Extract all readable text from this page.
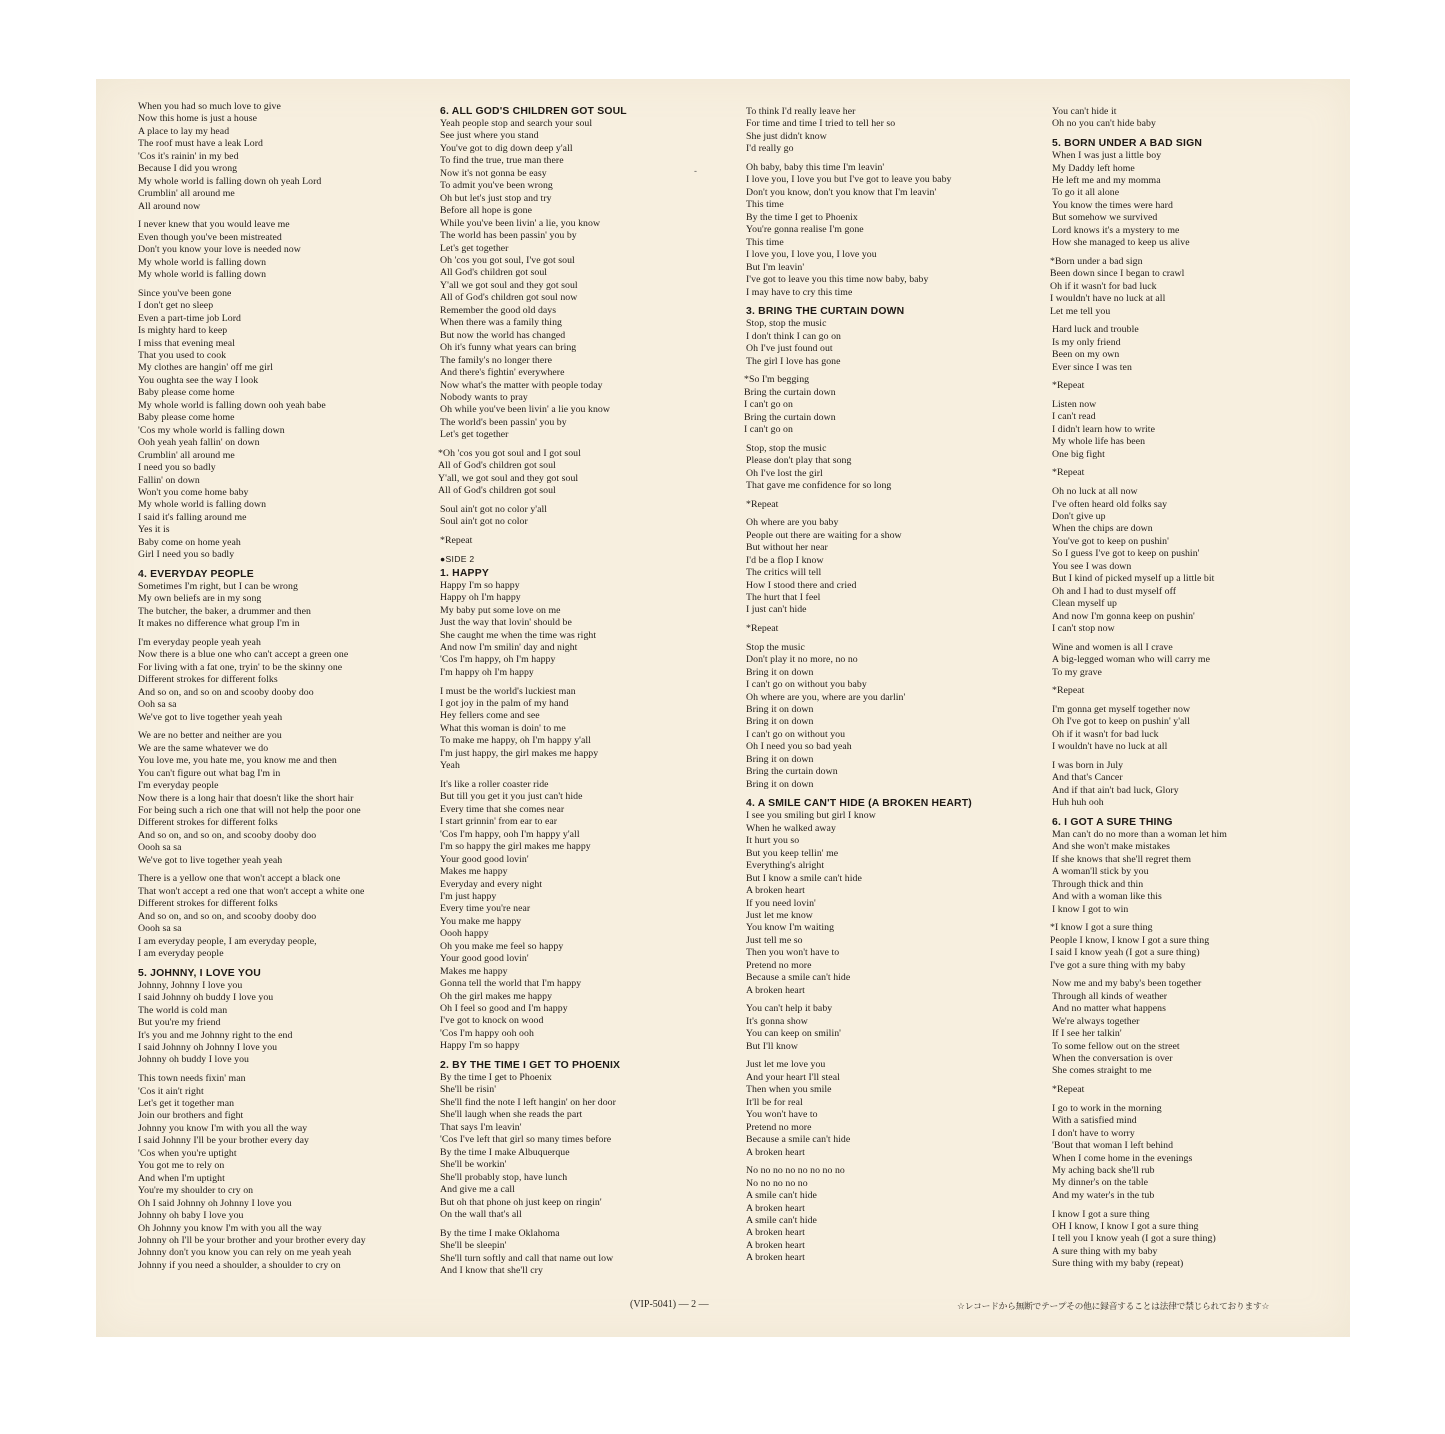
When you had so much love to give
Now this home is just a house
A place to lay my head
The roof must have a leak Lord
'Cos it's rainin' in my bed
Because I did you wrong
My whole world is falling down oh yeah Lord
Crumblin' all around me
All around now
I never knew that you would leave me
Even though you've been mistreated
Don't you know your love is needed now
My whole world is falling down
My whole world is falling down
Since you've been gone
I don't get no sleep
Even a part-time job Lord
Is mighty hard to keep
I miss that evening meal
That you used to cook
My clothes are hangin' off me girl
You oughta see the way I look
Baby please come home
My whole world is falling down ooh yeah babe
Baby please come home
'Cos my whole world is falling down
Ooh yeah yeah fallin' on down
Crumblin' all around me
I need you so badly
Fallin' on down
Won't you come home baby
My whole world is falling down
I said it's falling around me
Yes it is
Baby come on home yeah
Girl I need you so badly
4. EVERYDAY PEOPLE
Sometimes I'm right, but I can be wrong
My own beliefs are in my song
The butcher, the baker, a drummer and then
It makes no difference what group I'm in
I'm everyday people yeah yeah
Now there is a blue one who can't accept a green one
For living with a fat one, tryin' to be the skinny one
Different strokes for different folks
And so on, and so on and scooby dooby doo
Ooh sa sa
We've got to live together yeah yeah
We are no better and neither are you
We are the same whatever we do
You love me, you hate me, you know me and then
You can't figure out what bag I'm in
I'm everyday people
Now there is a long hair that doesn't like the short hair
For being such a rich one that will not help the poor one
Different strokes for different folks
And so on, and so on, and scooby dooby doo
Oooh sa sa
We've got to live together yeah yeah
There is a yellow one that won't accept a black one
That won't accept a red one that won't accept a white one
Different strokes for different folks
And so on, and so on, and scooby dooby doo
Oooh sa sa
I am everyday people, I am everyday people,
I am everyday people
5. JOHNNY, I LOVE YOU
Johnny, Johnny I love you
I said Johnny oh buddy I love you
The world is cold man
But you're my friend
It's you and me Johnny right to the end
I said Johnny oh Johnny I love you
Johnny oh buddy I love you
This town needs fixin' man
'Cos it ain't right
Let's get it together man
Join our brothers and fight
Johnny you know I'm with you all the way
I said Johnny I'll be your brother every day
'Cos when you're uptight
You got me to rely on
And when I'm uptight
You're my shoulder to cry on
Oh I said Johnny oh Johnny I love you
Johnny oh baby I love you
Oh Johnny you know I'm with you all the way
Johnny oh I'll be your brother and your brother every day
Johnny don't you know you can rely on me yeah yeah
Johnny if you need a shoulder, a shoulder to cry on
6. ALL GOD'S CHILDREN GOT SOUL
Yeah people stop and search your soul
See just where you stand
You've got to dig down deep y'all
To find the true, true man there
Now it's not gonna be easy
To admit you've been wrong
Oh but let's just stop and try
Before all hope is gone
While you've been livin' a lie, you know
The world has been passin' you by
Let's get together
Oh 'cos you got soul, I've got soul
All God's children got soul
Y'all we got soul and they got soul
All of God's children got soul now
Remember the good old days
When there was a family thing
But now the world has changed
Oh it's funny what years can bring
The family's no longer there
And there's fightin' everywhere
Now what's the matter with people today
Nobody wants to pray
Oh while you've been livin' a lie you know
The world's been passin' you by
Let's get together
*Oh 'cos you got soul and I got soul
All of God's children got soul
Y'all, we got soul and they got soul
All of God's children got soul
Soul ain't got no color y'all
Soul ain't got no color
*Repeat
●SIDE 2
1. HAPPY
Happy I'm so happy
Happy oh I'm happy
My baby put some love on me
Just the way that lovin' should be
She caught me when the time was right
And now I'm smilin' day and night
'Cos I'm happy, oh I'm happy
I'm happy oh I'm happy
I must be the world's luckiest man
I got joy in the palm of my hand
Hey fellers come and see
What this woman is doin' to me
To make me happy, oh I'm happy y'all
I'm just happy, the girl makes me happy
Yeah
It's like a roller coaster ride
But till you get it you just can't hide
Every time that she comes near
I start grinnin' from ear to ear
'Cos I'm happy, ooh I'm happy y'all
I'm so happy the girl makes me happy
Your good good lovin'
Makes me happy
Everyday and every night
I'm just happy
Every time you're near
You make me happy
Oooh happy
Oh you make me feel so happy
Your good good lovin'
Makes me happy
Gonna tell the world that I'm happy
Oh the girl makes me happy
Oh I feel so good and I'm happy
I've got to knock on wood
'Cos I'm happy ooh ooh
Happy I'm so happy
2. BY THE TIME I GET TO PHOENIX
By the time I get to Phoenix
She'll be risin'
She'll find the note I left hangin' on her door
She'll laugh when she reads the part
That says I'm leavin'
'Cos I've left that girl so many times before
By the time I make Albuquerque
She'll be workin'
She'll probably stop, have lunch
And give me a call
But oh that phone oh just keep on ringin'
On the wall that's all
By the time I make Oklahoma
She'll be sleepin'
She'll turn softly and call that name out low
And I know that she'll cry
To think I'd really leave her
For time and time I tried to tell her so
She just didn't know
I'd really go
Oh baby, baby this time I'm leavin'
I love you, I love you but I've got to leave you baby
Don't you know, don't you know that I'm leavin'
This time
By the time I get to Phoenix
You're gonna realise I'm gone
This time
I love you, I love you, I love you
But I'm leavin'
I've got to leave you this time now baby, baby
I may have to cry this time
3. BRING THE CURTAIN DOWN
Stop, stop the music
I don't think I can go on
Oh I've just found out
The girl I love has gone
*So I'm begging
Bring the curtain down
I can't go on
Bring the curtain down
I can't go on
Stop, stop the music
Please don't play that song
Oh I've lost the girl
That gave me confidence for so long
*Repeat
Oh where are you baby
People out there are waiting for a show
But without her near
I'd be a flop I know
The critics will tell
How I stood there and cried
The hurt that I feel
I just can't hide
*Repeat
Stop the music
Don't play it no more, no no
Bring it on down
I can't go on without you baby
Oh where are you, where are you darlin'
Bring it on down
Bring it on down
I can't go on without you
Oh I need you so bad yeah
Bring it on down
Bring the curtain down
Bring it on down
4. A SMILE CAN'T HIDE (A BROKEN HEART)
I see you smiling but girl I know
When he walked away
It hurt you so
But you keep tellin' me
Everything's alright
But I know a smile can't hide
A broken heart
If you need lovin'
Just let me know
You know I'm waiting
Just tell me so
Then you won't have to
Pretend no more
Because a smile can't hide
A broken heart
You can't help it baby
It's gonna show
You can keep on smilin'
But I'll know
Just let me love you
And your heart I'll steal
Then when you smile
It'll be for real
You won't have to
Pretend no more
Because a smile can't hide
A broken heart
No no no no no no no no
No no no no no
A smile can't hide
A broken heart
A smile can't hide
A broken heart
A broken heart
A broken heart
You can't hide it
Oh no you can't hide baby
5. BORN UNDER A BAD SIGN
When I was just a little boy
My Daddy left home
He left me and my momma
To go it all alone
You know the times were hard
But somehow we survived
Lord knows it's a mystery to me
How she managed to keep us alive
*Born under a bad sign
Been down since I began to crawl
Oh if it wasn't for bad luck
I wouldn't have no luck at all
Let me tell you
Hard luck and trouble
Is my only friend
Been on my own
Ever since I was ten
*Repeat
Listen now
I can't read
I didn't learn how to write
My whole life has been
One big fight
*Repeat
Oh no luck at all now
I've often heard old folks say
Don't give up
When the chips are down
You've got to keep on pushin'
So I guess I've got to keep on pushin'
You see I was down
But I kind of picked myself up a little bit
Oh and I had to dust myself off
Clean myself up
And now I'm gonna keep on pushin'
I can't stop now
Wine and women is all I crave
A big-legged woman who will carry me
To my grave
*Repeat
I'm gonna get myself together now
Oh I've got to keep on pushin' y'all
Oh if it wasn't for bad luck
I wouldn't have no luck at all
I was born in July
And that's Cancer
And if that ain't bad luck, Glory
Huh huh ooh
6. I GOT A SURE THING
Man can't do no more than a woman let him
And she won't make mistakes
If she knows that she'll regret them
A woman'll stick by you
Through thick and thin
And with a woman like this
I know I got to win
*I know I got a sure thing
People I know, I know I got a sure thing
I said I know yeah (I got a sure thing)
I've got a sure thing with my baby
Now me and my baby's been together
Through all kinds of weather
And no matter what happens
We're always together
If I see her talkin'
To some fellow out on the street
When the conversation is over
She comes straight to me
*Repeat
I go to work in the morning
With a satisfied mind
I don't have to worry
'Bout that woman I left behind
When I come home in the evenings
My aching back she'll rub
My dinner's on the table
And my water's in the tub
I know I got a sure thing
OH I know, I know I got a sure thing
I tell you I know yeah (I got a sure thing)
A sure thing with my baby
Sure thing with my baby (repeat)
-
(VIP-5041) — 2 —	☆レコードから無断でテープその他に録音することは法律で禁じられております☆
